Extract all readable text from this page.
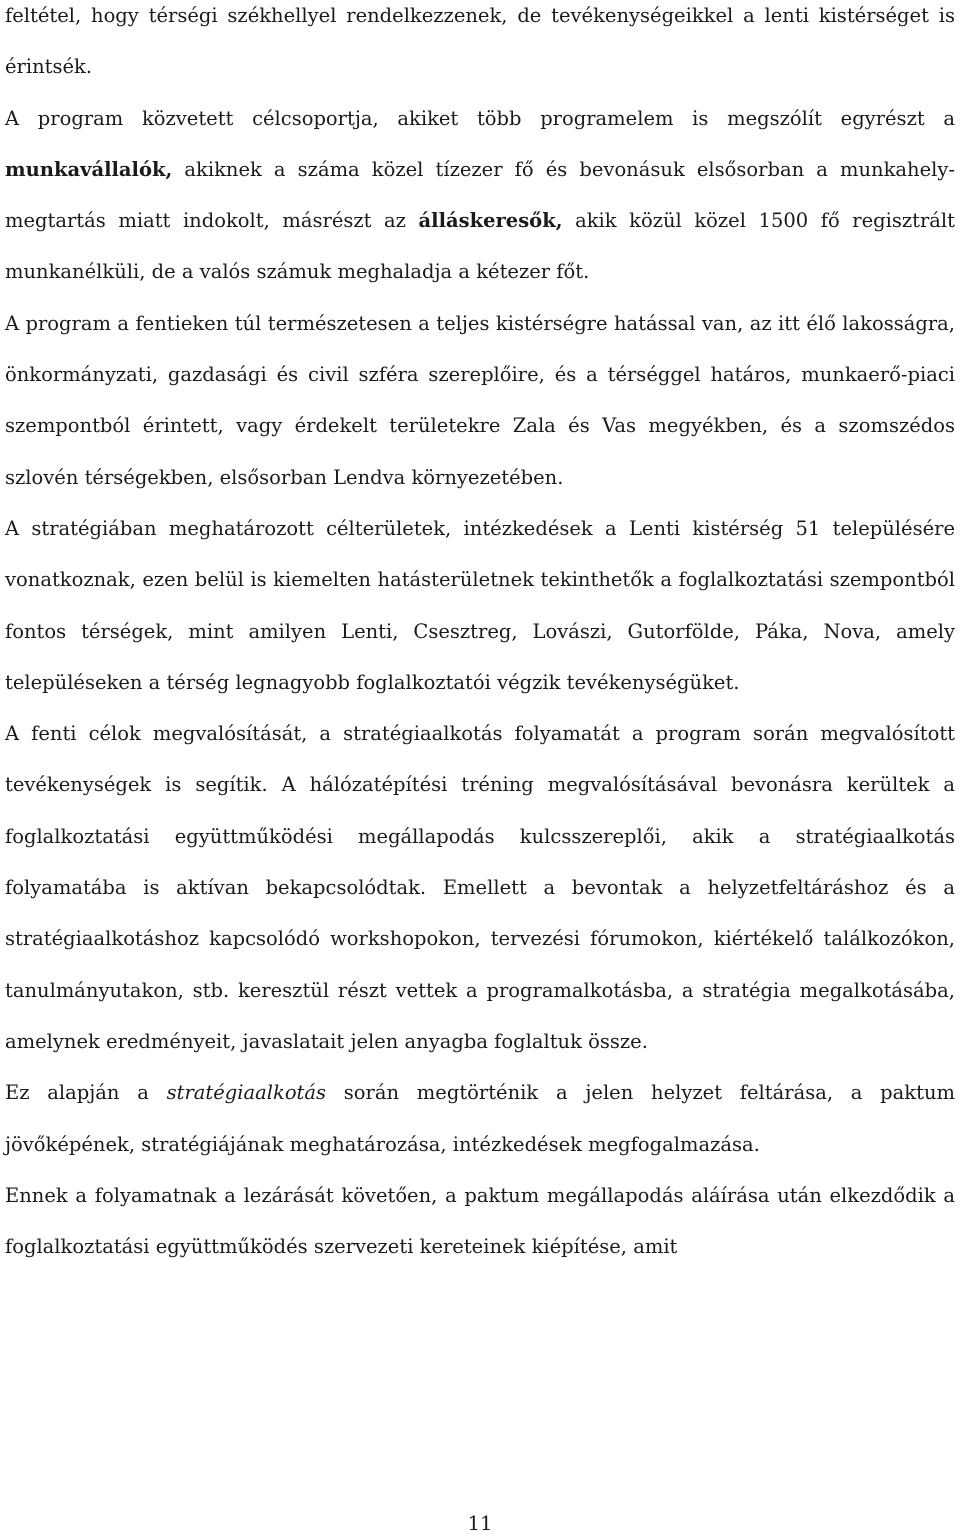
feltétel, hogy térségi székhellyel rendelkezzenek, de tevékenységeikkel a lenti kistérséget is érintsék.

A program közvetett célcsoportja, akiket több programelem is megszólít egyrészt a munkavállalók, akiknek a száma közel tízezer fő és bevonásuk elsősorban a munkahely-megtartás miatt indokolt, másrészt az álláskeresők, akik közül közel 1500 fő regisztrált munkanélküli, de a valós számuk meghaladja a kétezer főt.

A program a fentieken túl természetesen a teljes kistérségre hatással van, az itt élő lakosságra, önkormányzati, gazdasági és civil szféra szereplőire, és a térséggel határos, munkaerő-piaci szempontból érintett, vagy érdekelt területekre Zala és Vas megyékben, és a szomszédos szlovén térségekben, elsősorban Lendva környezetében.

A stratégiában meghatározott célterületek, intézkedések a Lenti kistérség 51 településére vonatkoznak, ezen belül is kiemelten hatásterületnek tekinthetők a foglalkoztatási szempontból fontos térségek, mint amilyen Lenti, Csesztreg, Lovászi, Gutorfölde, Páka, Nova, amely településeken a térség legnagyobb foglalkoztatói végzik tevékenységüket.

A fenti célok megvalósítását, a stratégiaalkotás folyamatát a program során megvalósított tevékenységek is segítik. A hálózatépítési tréning megvalósításával bevonásra kerültek a foglalkoztatási együttműködési megállapodás kulcsszereplői, akik a stratégiaalkotás folyamatába is aktívan bekapcsolódtak. Emellett a bevontak a helyzetfeltáráshoz és a stratégiaalkotáshoz kapcsolódó workshopokon, tervezési fórumokon, kiértékelő találkozókon, tanulmányutakon, stb. keresztül részt vettek a programalkotásba, a stratégia megalkotásába, amelynek eredményeit, javaslatait jelen anyagba foglaltuk össze.

Ez alapján a stratégiaalkotás során megtörténik a jelen helyzet feltárása, a paktum jövőképének, stratégiájának meghatározása, intézkedések megfogalmazása.

Ennek a folyamatnak a lezárását követően, a paktum megállapodás aláírása után elkezdődik a foglalkoztatási együttműködés szervezeti kereteinek kiépítése, amit

11
